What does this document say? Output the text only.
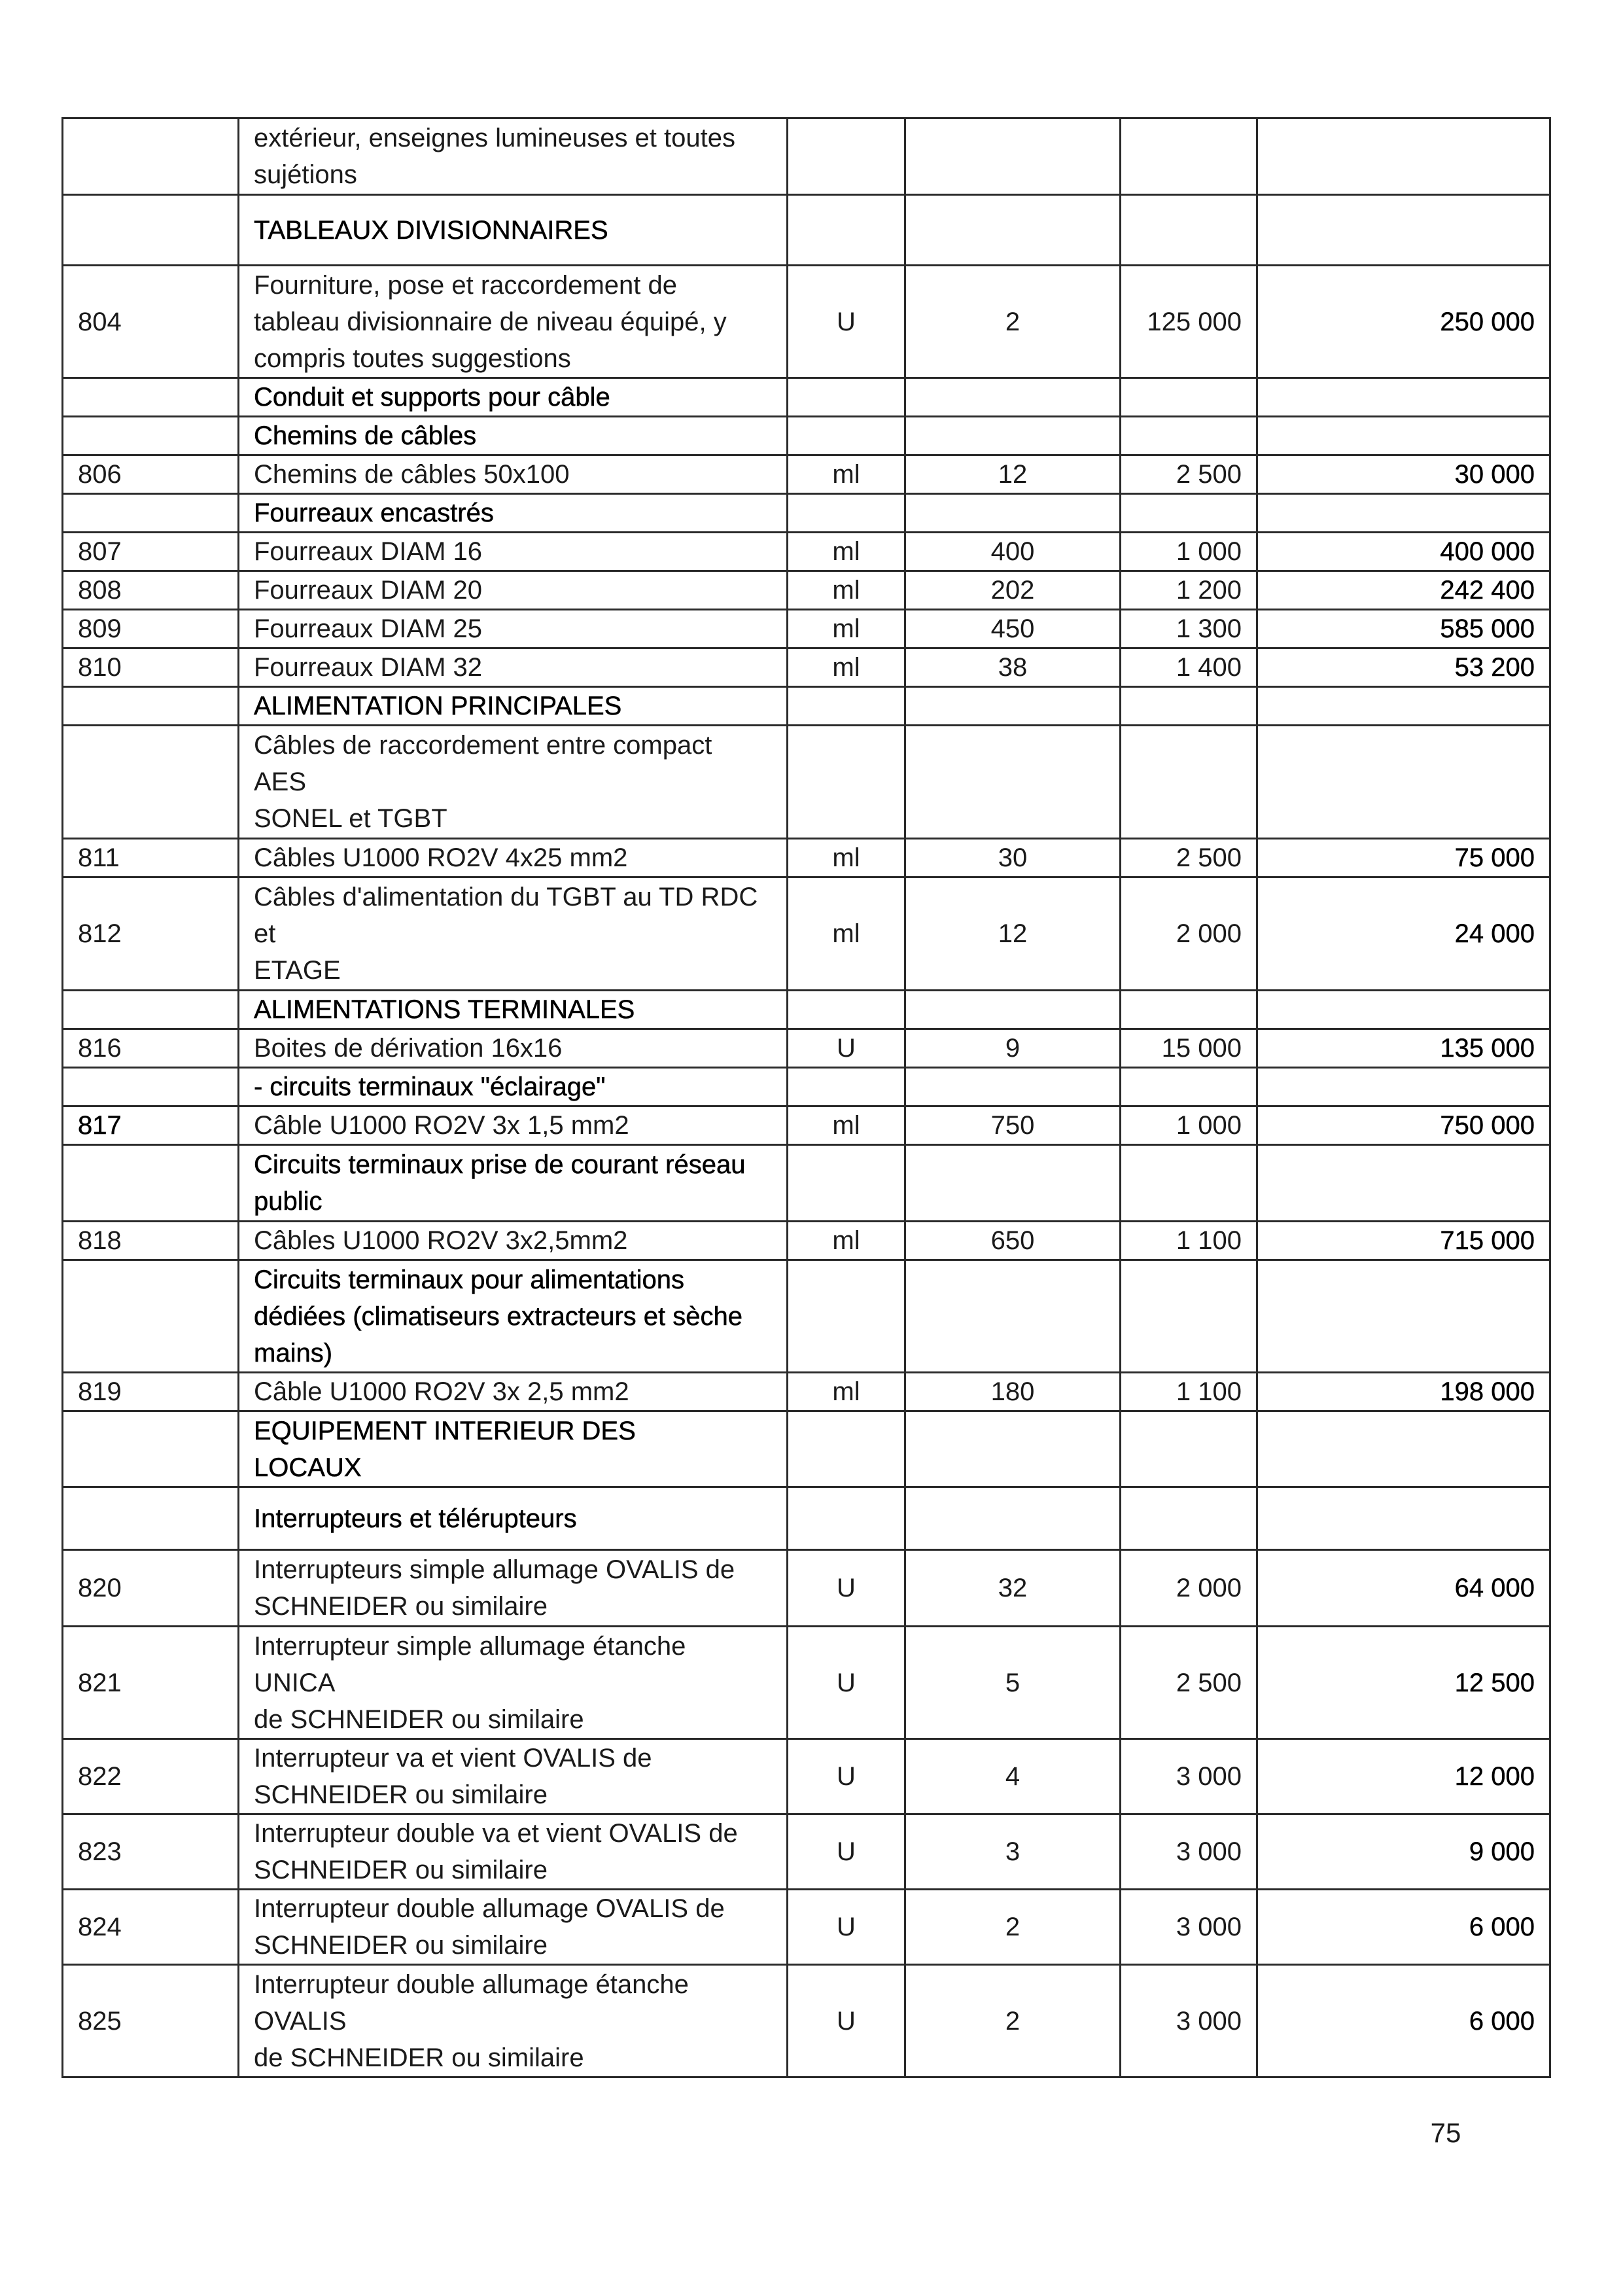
	extérieur, enseignes lumineuses et toutes
sujétions				
	TABLEAUX DIVISIONNAIRES				
804	Fourniture, pose et raccordement de
tableau divisionnaire de niveau équipé, y
compris toutes suggestions	U	2	125 000	250 000
	Conduit et supports pour câble				
	Chemins de câbles				
806	Chemins de câbles 50x100	ml	12	2 500	30 000
	Fourreaux encastrés				
807	Fourreaux DIAM 16	ml	400	1 000	400 000
808	Fourreaux DIAM 20	ml	202	1 200	242 400
809	Fourreaux DIAM 25	ml	450	1 300	585 000
810	Fourreaux DIAM 32	ml	38	1 400	53 200
	ALIMENTATION PRINCIPALES				
	Câbles de raccordement entre compact
AES
SONEL et TGBT				
811	Câbles U1000 RO2V 4x25 mm2	ml	30	2 500	75 000
812	Câbles d'alimentation du TGBT au TD RDC
et
ETAGE	ml	12	2 000	24 000
	ALIMENTATIONS TERMINALES				
816	Boites de dérivation 16x16	U	9	15 000	135 000
	- circuits terminaux "éclairage"				
817	Câble U1000 RO2V 3x 1,5 mm2	ml	750	1 000	750 000
	Circuits terminaux prise de courant réseau
public				
818	Câbles U1000 RO2V 3x2,5mm2	ml	650	1 100	715 000
	Circuits terminaux pour alimentations
dédiées (climatiseurs extracteurs et sèche
mains)				
819	Câble U1000 RO2V 3x 2,5 mm2	ml	180	1 100	198 000
	EQUIPEMENT INTERIEUR DES
LOCAUX				
	Interrupteurs et télérupteurs				
820	Interrupteurs simple allumage OVALIS de
SCHNEIDER ou similaire	U	32	2 000	64 000
821	Interrupteur simple allumage étanche
UNICA
de SCHNEIDER ou similaire	U	5	2 500	12 500
822	Interrupteur va et vient OVALIS de
SCHNEIDER ou similaire	U	4	3 000	12 000
823	Interrupteur double va et vient OVALIS de
SCHNEIDER ou similaire	U	3	3 000	9 000
824	Interrupteur double allumage OVALIS de
SCHNEIDER ou similaire	U	2	3 000	6 000
825	Interrupteur double allumage étanche
OVALIS
de SCHNEIDER ou similaire	U	2	3 000	6 000
75
